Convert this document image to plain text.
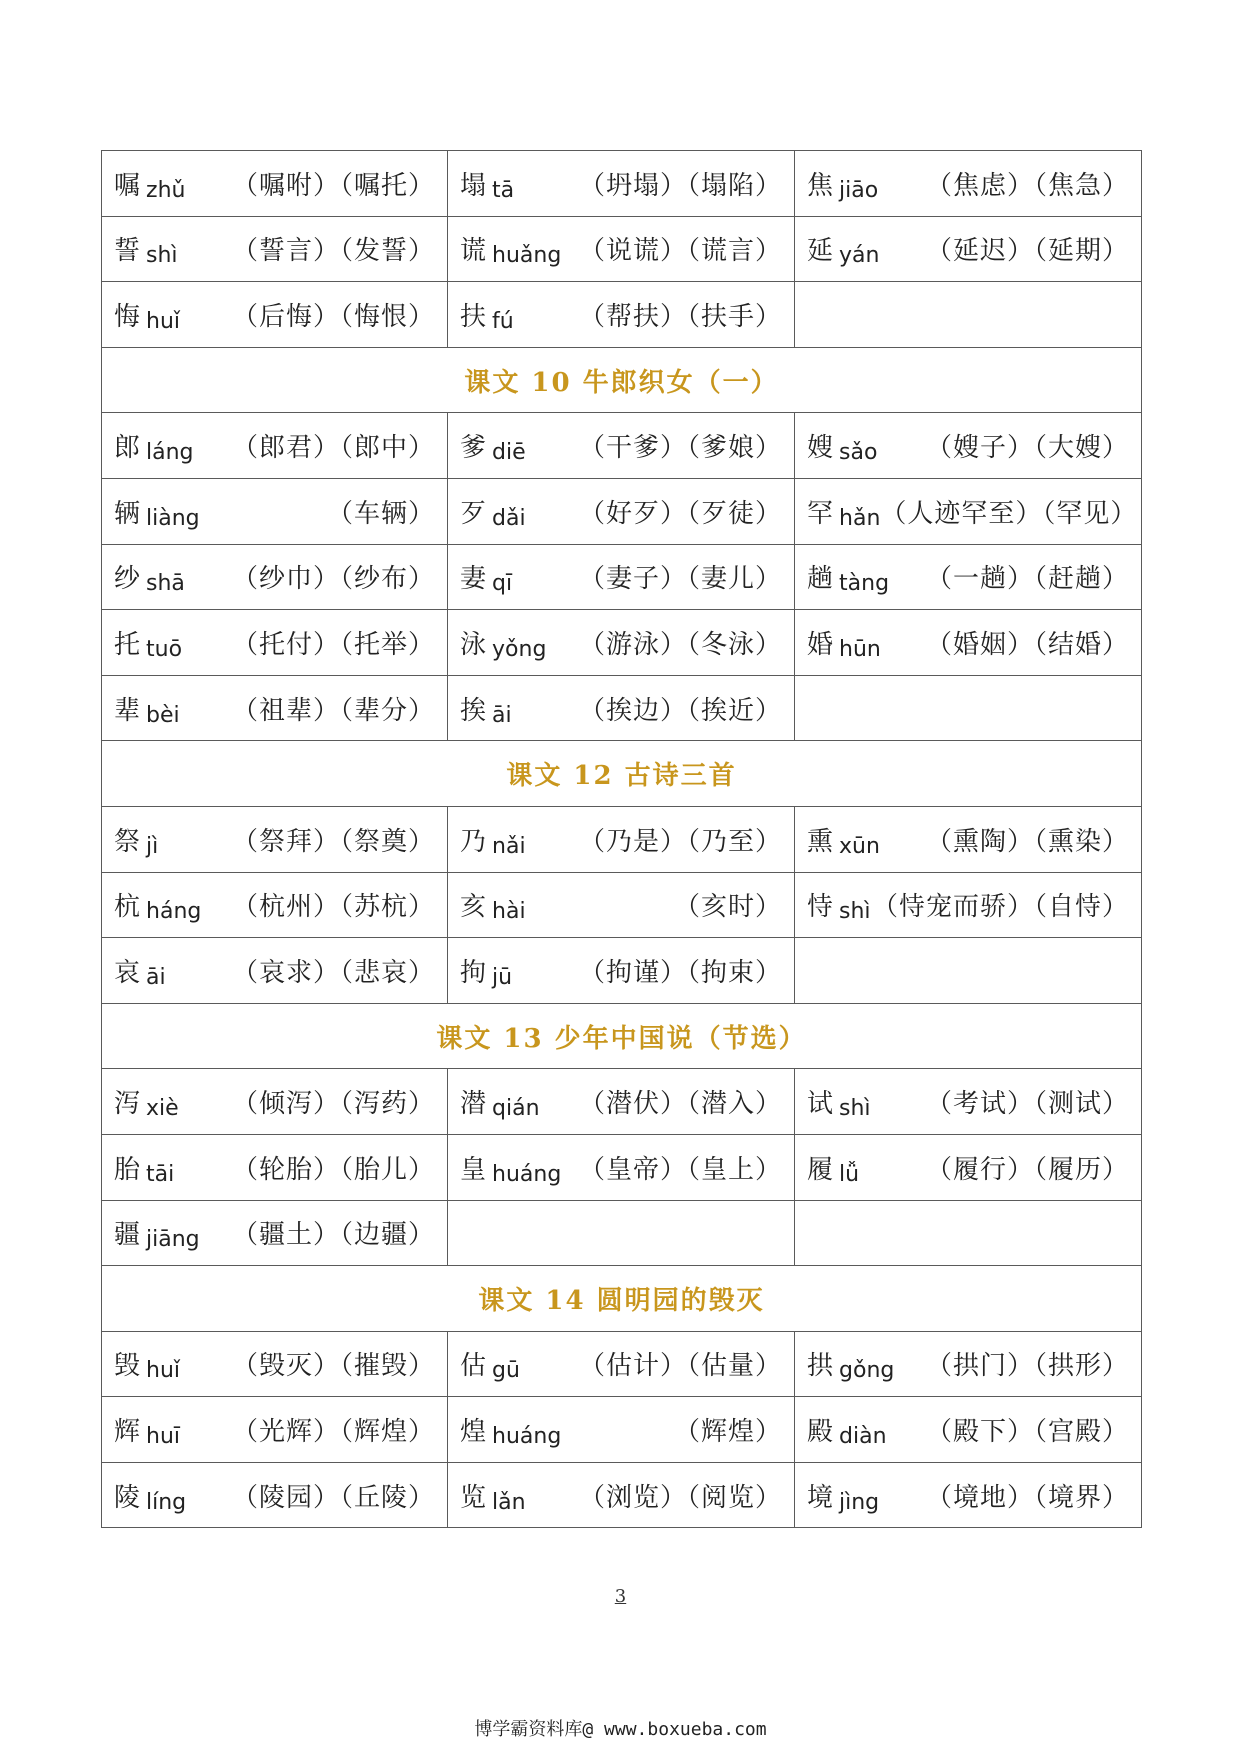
嘱 zhǔ （嘱咐）（嘱托）	塌 tā （坍塌）（塌陷）	焦 jiāo （焦虑）（焦急）

誓 shì （誓言）（发誓）	谎 huǎng （说谎）（谎言）	延 yán （延迟）（延期）

悔 huǐ （后悔）（悔恨）	扶 fú （帮扶）（扶手）	

课文 10 牛郎织女（一）		

郎 láng （郎君）（郎中）	爹 diē （干爹）（爹娘）	嫂 sǎo （嫂子）（大嫂）

辆 liàng （车辆）	歹 dǎi （好歹）（歹徒）	罕 hǎn （人迹罕至）（罕见）

纱 shā （纱巾）（纱布）	妻 qī （妻子）（妻儿）	趟 tàng （一趟）（赶趟）

托 tuō （托付）（托举）	泳 yǒng （游泳）（冬泳）	婚 hūn （婚姻）（结婚）

辈 bèi （祖辈）（辈分）	挨 āi （挨边）（挨近）	

课文 12 古诗三首		

祭 jì （祭拜）（祭奠）	乃 nǎi （乃是）（乃至）	熏 xūn （熏陶）（熏染）

杭 háng （杭州）（苏杭）	亥 hài （亥时）	恃 shì （恃宠而骄）（自恃）

哀 āi （哀求）（悲哀）	拘 jū （拘谨）（拘束）	

课文 13 少年中国说（节选）		

泻 xiè （倾泻）（泻药）	潜 qián （潜伏）（潜入）	试 shì （考试）（测试）

胎 tāi （轮胎）（胎儿）	皇 huáng （皇帝）（皇上）	履 lǚ （履行）（履历）

疆 jiāng （疆土）（边疆）		

课文 14 圆明园的毁灭		

毁 huǐ （毁灭）（摧毁）	估 gū （估计）（估量）	拱 gǒng （拱门）（拱形）

辉 huī （光辉）（辉煌）	煌 huáng （辉煌）	殿 diàn （殿下）（宫殿）

陵 líng （陵园）（丘陵）	览 lǎn （浏览）（阅览）	境 jìng （境地）（境界）
3
博学霸资料库@ www.boxueba.com
